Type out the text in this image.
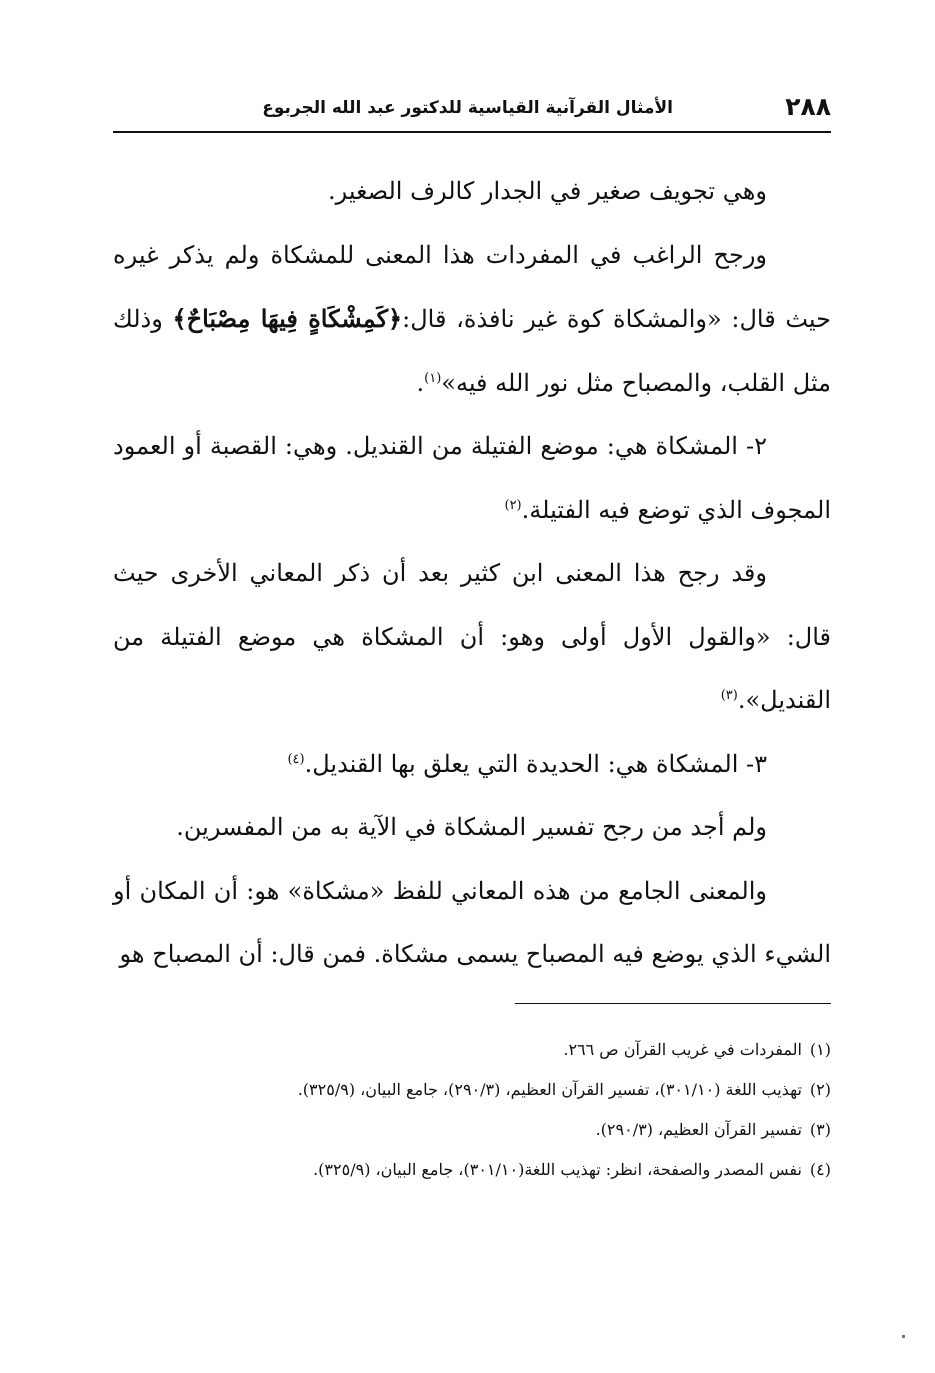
٢٨٨
الأمثال القرآنية القياسية للدكتور عبد الله الجربوع

وهي تجويف صغير في الجدار كالرف الصغير.

ورجح الراغب في المفردات هذا المعنى للمشكاة ولم يذكر غيره حيث قال: «والمشكاة كوة غير نافذة، قال:﴿كَمِشْكَاةٍ فِيهَا مِصْبَاحٌ﴾ وذلك مثل القلب، والمصباح مثل نور الله فيه»$^{(١)}$.

٢- المشكاة هي: موضع الفتيلة من القنديل. وهي: القصبة أو العمود المجوف الذي توضع فيه الفتيلة.$^{(٢)}$

وقد رجح هذا المعنى ابن كثير بعد أن ذكر المعاني الأخرى حيث قال: «والقول الأول أولى وهو: أن المشكاة هي موضع الفتيلة من القنديل».$^{(٣)}$

٣- المشكاة هي: الحديدة التي يعلق بها القنديل.$^{(٤)}$

ولم أجد من رجح تفسير المشكاة في الآية به من المفسرين.

والمعنى الجامع من هذه المعاني للفظ «مشكاة» هو: أن المكان أو الشيء الذي يوضع فيه المصباح يسمى مشكاة. فمن قال: أن المصباح هو

(١)المفردات في غريب القرآن ص ٢٦٦.

(٢)تهذيب اللغة (٣٠١/١٠)، تفسير القرآن العظيم، (٢٩٠/٣)، جامع البيان، (٣٢٥/٩).

(٣)تفسير القرآن العظيم، (٢٩٠/٣).

(٤)نفس المصدر والصفحة، انظر: تهذيب اللغة(٣٠١/١٠)، جامع البيان، (٣٢٥/٩).
